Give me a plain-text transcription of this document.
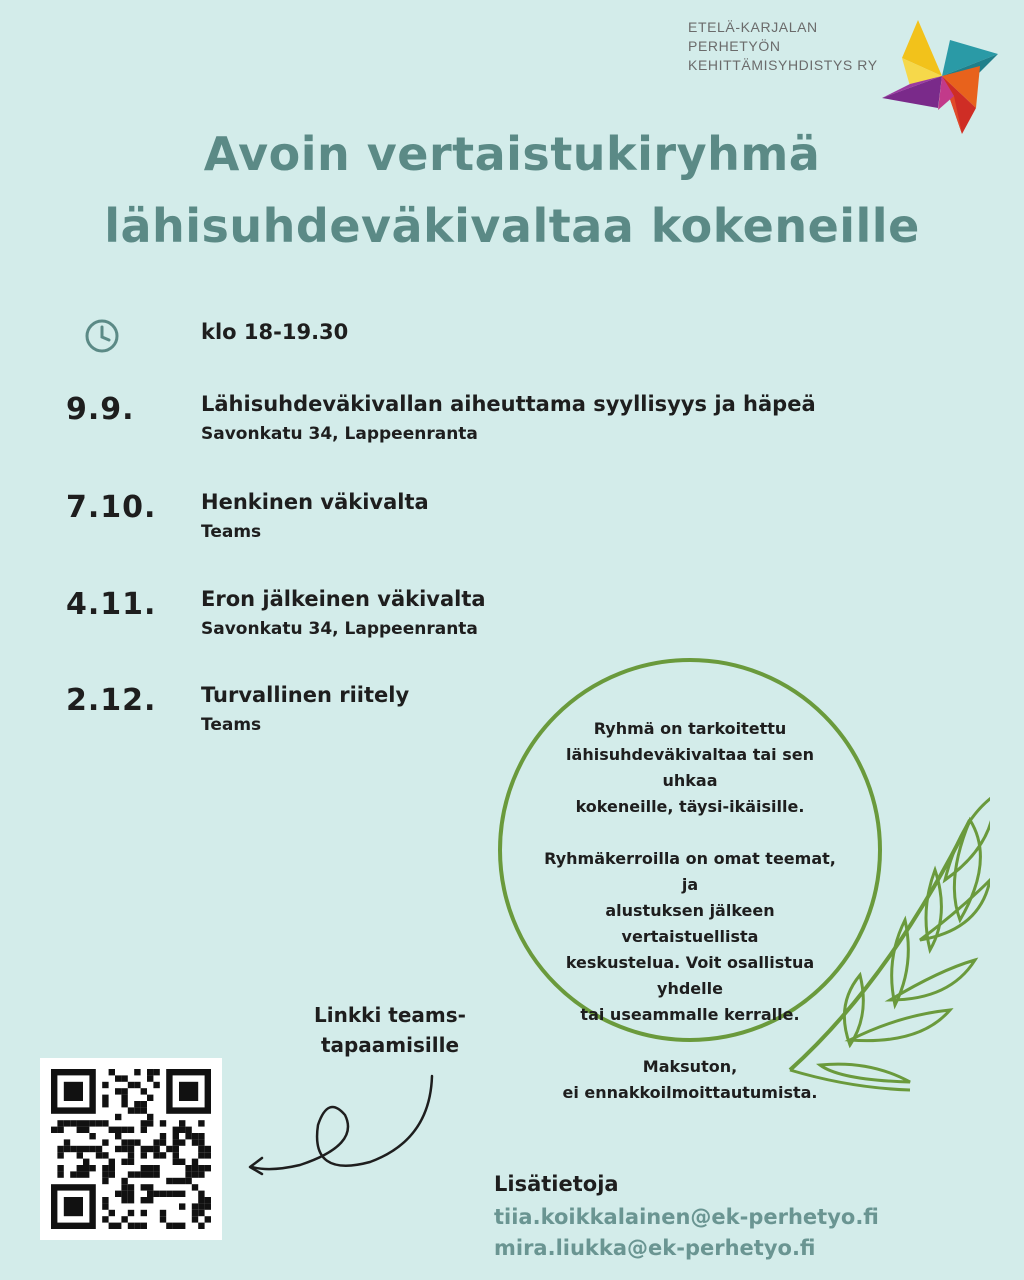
ETELÄ-KARJALAN PERHETYÖN
KEHITTÄMISYHDISTYS RY
Avoin vertaistukiryhmä
lähisuhdeväkivaltaa kokeneille
klo 18-19.30
9.9.	Lähisuhdeväkivallan aiheuttama syyllisyys ja häpeä
Savonkatu 34, Lappeenranta
7.10. Henkinen väkivalta
Teams
4.11. Eron jälkeinen väkivalta
Savonkatu 34, Lappeenranta
2.12. Turvallinen riitely
Teams	Ryhmä on tarkoitettu
lähisuhdeväkivaltaa tai sen uhkaa
kokeneille, täysi-ikäisille.

Ryhmäkerroilla on omat teemat, ja
alustuksen jälkeen vertaistuellista
keskustelua. Voit osallistua yhdelle
tai useammalle kerralle.

Maksuton,
ei ennakkoilmoittautumista.

Linkki teams-
tapaamisille
Lisätietoja
tiia.koikkalainen@ek-perhetyo.fi
mira.liukka@ek-perhetyo.fi
